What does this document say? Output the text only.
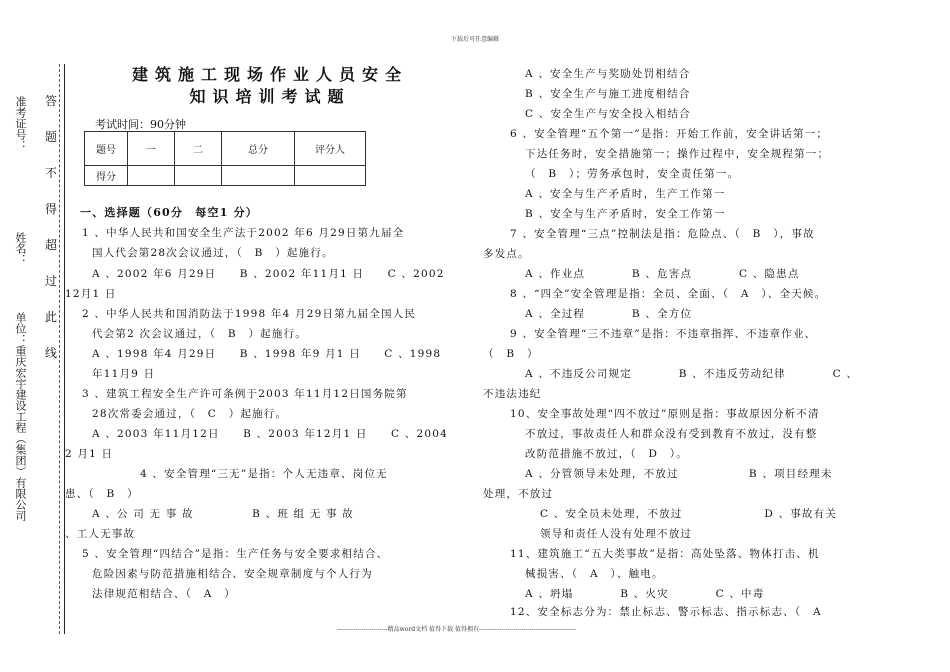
下载后可任意编辑
准考证号：
姓名：
单位：重庆宏宇建设工程（集团）有限公司
答
题
不
得
超
过
此
线
建筑施工现场作业人员安全
知识培训考试题
考试时间：90分钟
题号	一	二	总分	评分人
得分				
一、选择题（60分　每空1 分）
1 、中华人民共和国安全生产法于2002 年6 月29日第九届全
国人代会第28次会议通过，（　B　）起施行。
A 、2002 年6 月29日　　B 、2002 年11月1 日　　C 、2002
12月1 日
2 、中华人民共和国消防法于1998 年4 月29日第九届全国人民
代会第2 次会议通过，（　B　）起施行。
A 、1998 年4 月29日　　B 、1998 年9 月1 日　　C 、1998
年11月9 日
3 、建筑工程安全生产许可条例于2003 年11月12日国务院第
28次常委会通过，（　C　）起施行。
A 、2003 年11月12日　　B 、2003 年12月1 日　　C 、2004
2 月1 日
4 、安全管理“三无”是指：个人无违章、岗位无
患、（　B　）
A 、公 司 无 事 故　　　　　B 、班 组 无 事 故
、工人无事故
5 、安全管理“四结合”是指：生产任务与安全要求相结合、
危险因素与防范措施相结合、安全规章制度与个人行为
法律规范相结合、（　A　）
A 、安全生产与奖励处罚相结合
B 、安全生产与施工进度相结合
C 、安全生产与安全投入相结合
6 、安全管理“五个第一”是指：开始工作前，安全讲话第一；
下达任务时，安全措施第一；操作过程中，安全规程第一；
（　B　）；劳务承包时，安全责任第一。
A 、安全与生产矛盾时，生产工作第一
B 、安全与生产矛盾时，安全工作第一
7 、安全管理“三点”控制法是指：危险点、（　B　），事故
多发点。
A 、作业点　　　　B 、危害点　　　　C 、隐患点
8 、“四全”安全管理是指：全员、全面、（　A　）、全天候。
A 、全过程　　　　B 、全方位
9 、安全管理“三不违章”是指：不违章指挥、不违章作业、
（　B　）
A 、不违反公司规定　　　　B 、不违反劳动纪律　　　　C 、
不违法违纪
10、安全事故处理“四不放过”原则是指：事故原因分析不清
不放过，事故责任人和群众没有受到教育不放过，没有整
改防范措施不放过，（　D　）。
A 、分管领导未处理，不放过　　　　　　B 、项目经理未
处理，不放过
C 、安全员未处理，不放过　　　　　　　D 、事故有关
领导和责任人没有处理不放过
11、建筑施工“五大类事故”是指：高处坠落、物体打击、机
械损害、（　A　）、触电。
A 、坍塌　　　　B 、火灾　　　　C 、中毒
12、安全标志分为：禁止标志、警示标志、指示标志、（　A
-------------------------精品word文档 值得下载 值得拥有------------------------------------------------
